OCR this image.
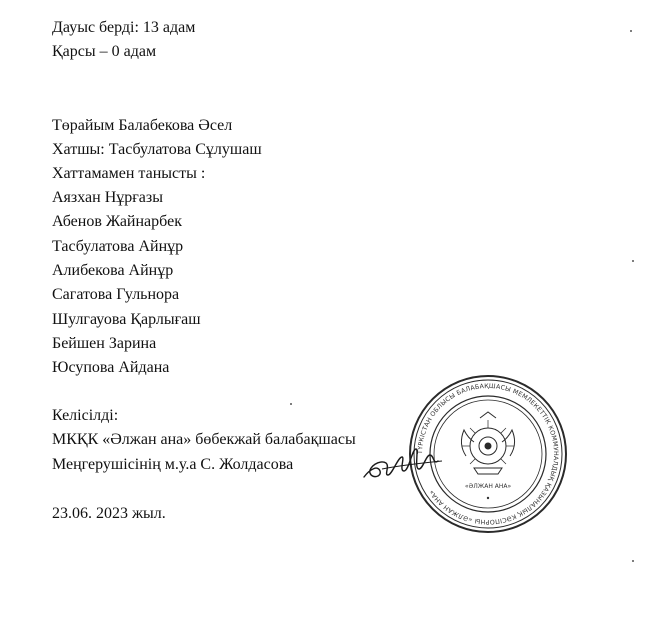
Дауыс берді: 13 адам
Қарсы – 0 адам
Төрайым Балабекова Әсел
Хатшы: Тасбулатова Сұлушаш
Хаттамамен танысты :
Аязхан Нұрғазы
Абенов Жайнарбек
Тасбулатова Айнұр
Алибекова Айнұр
Сагатова Гульнора
Шулгауова Қарлығаш
Бейшен Зарина
Юсупова Айдана
Келісілді:
МКҚК «Әлжан ана» бөбекжай балабақшасы
Меңгерушісінің м.у.а С. Жолдасова
23.06. 2023 жыл.
ТҮРКІСТАН ОБЛЫСЫ БАЛАБАҚШАСЫ МЕМЛЕКЕТТІК КОММУНАЛДЫҚ ҚАЗЫНАЛЫҚ КӘСІПОРНЫ «ӘЛЖАН АНА»
«ӘЛЖАН АНА»
